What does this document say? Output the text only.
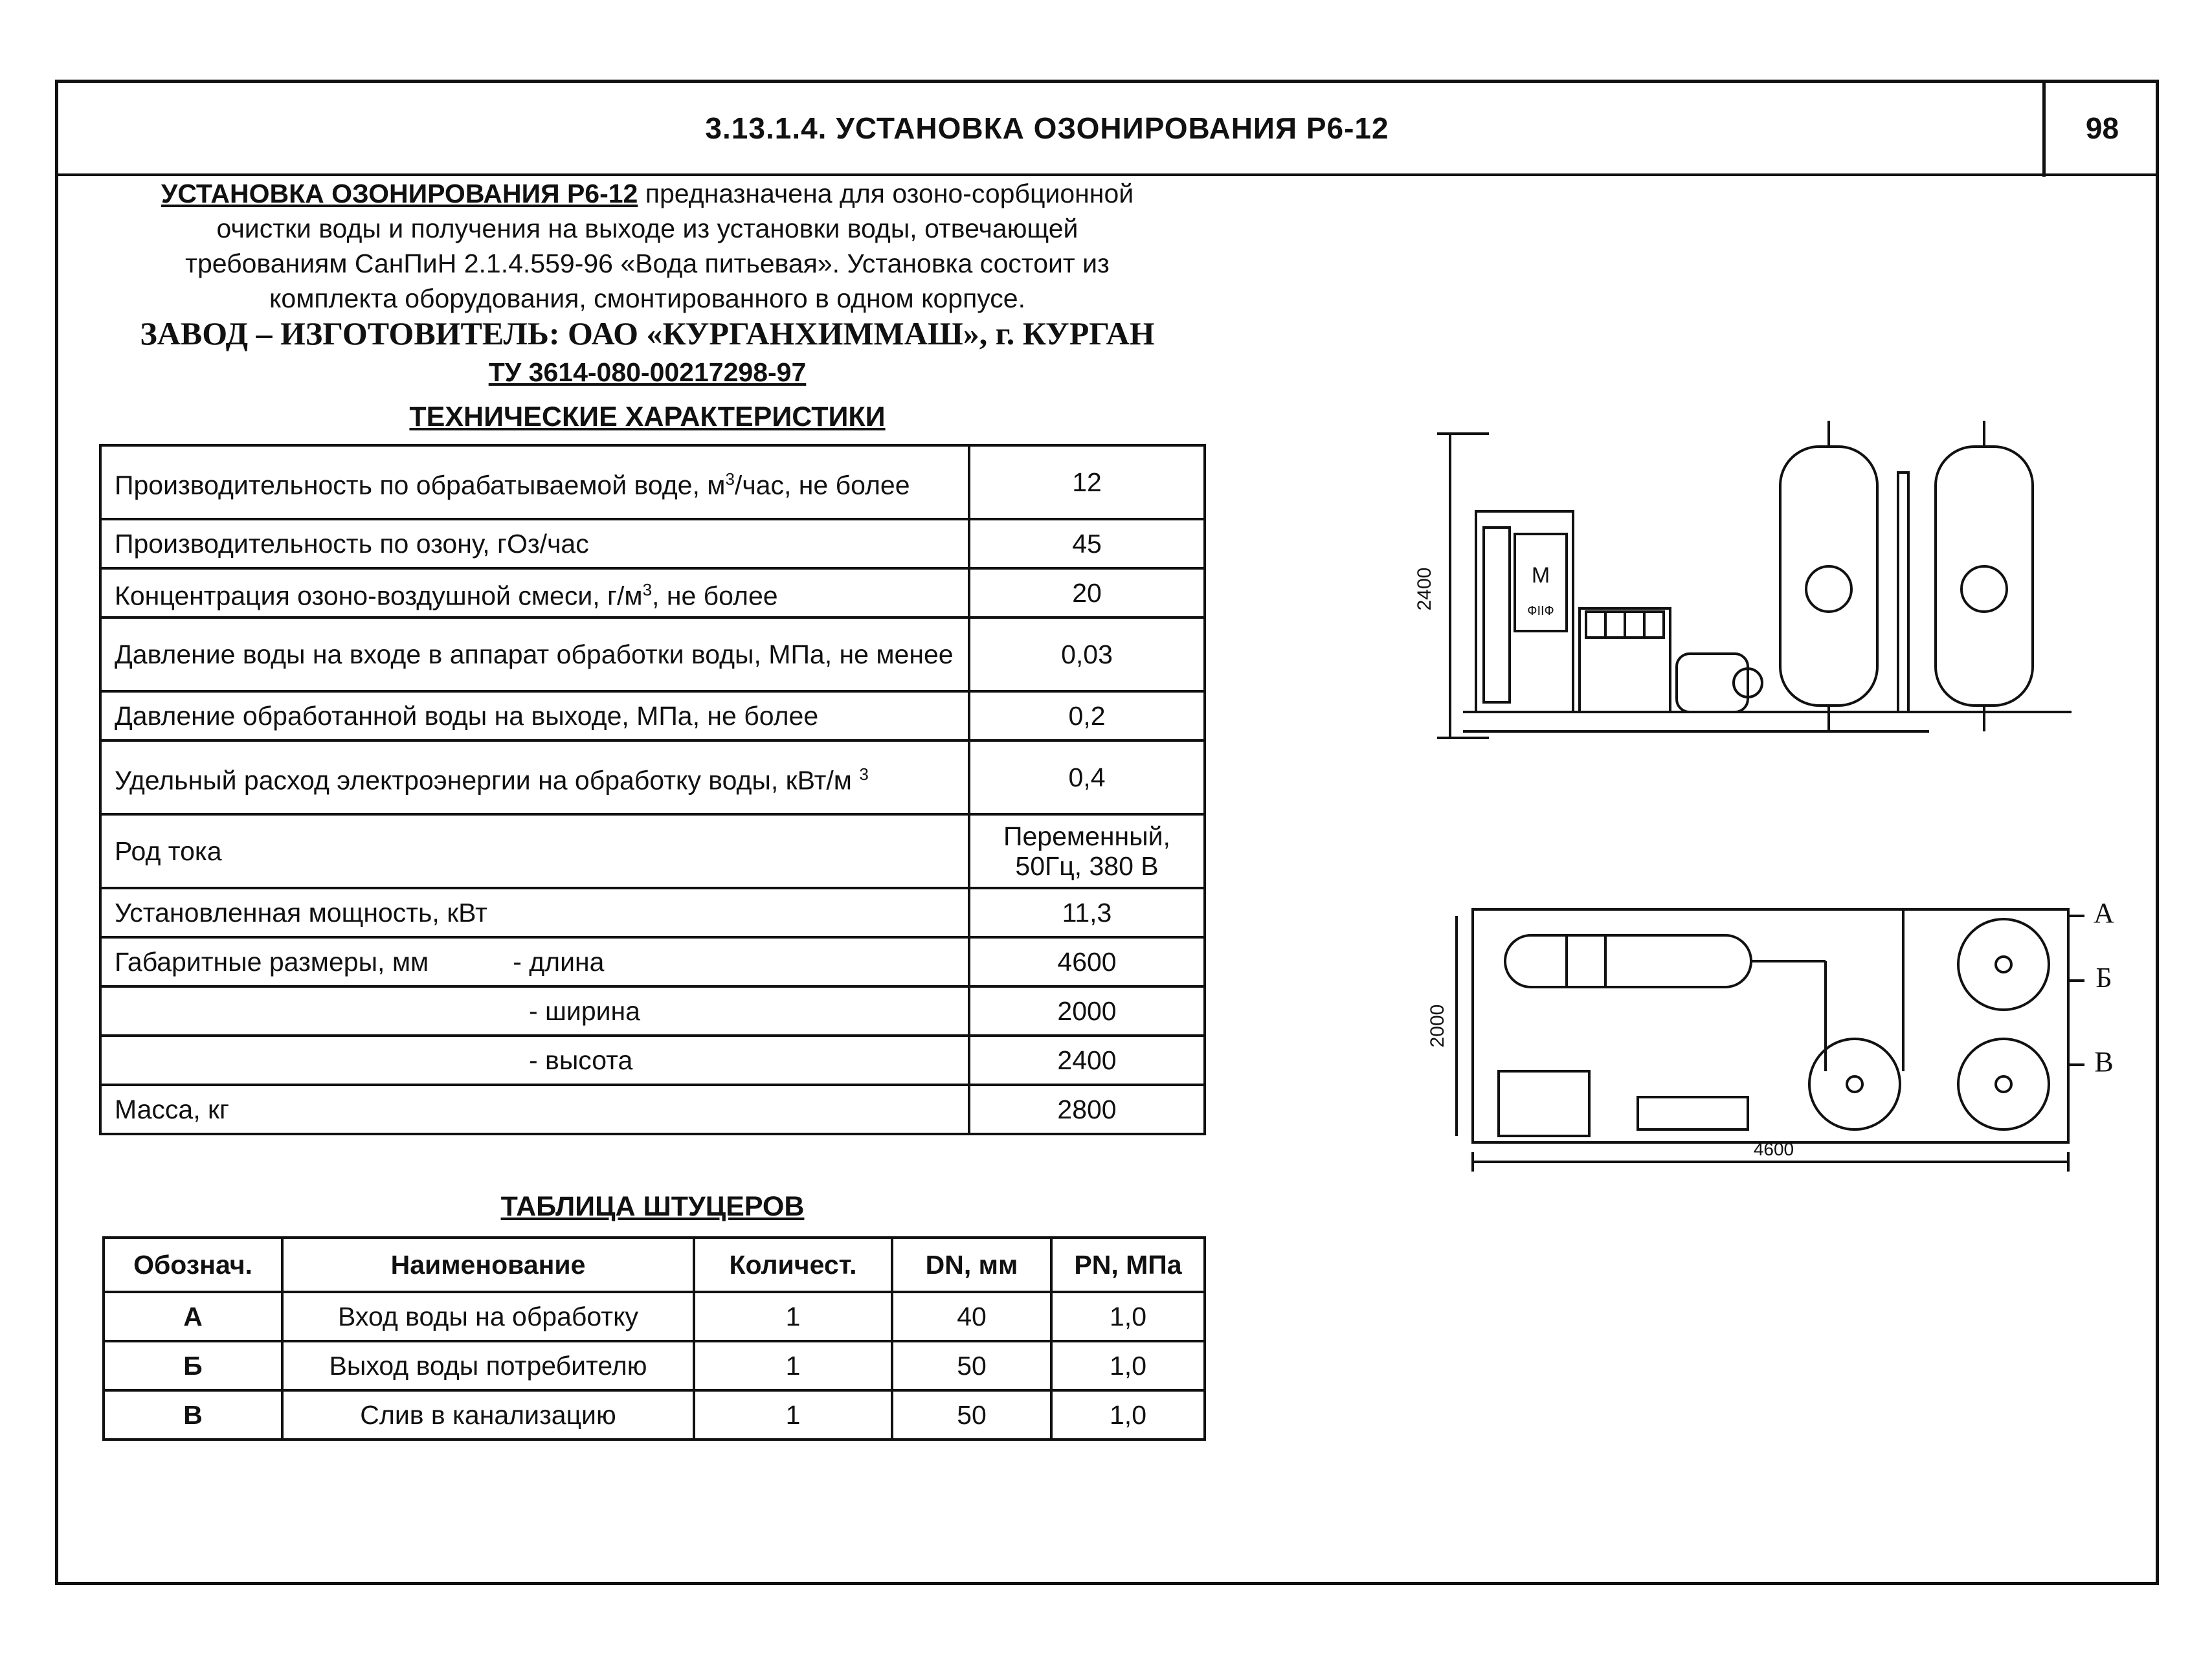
3.13.1.4. УСТАНОВКА ОЗОНИРОВАНИЯ Р6-12	98
УСТАНОВКА ОЗОНИРОВАНИЯ Р6-12 предназначена для озоно-сорбционной
очистки воды и получения на выходе из установки воды, отвечающей
требованиям СанПиН 2.1.4.559-96 «Вода питьевая». Установка состоит из
комплекта оборудования, смонтированного в одном корпусе.
ЗАВОД – ИЗГОТОВИТЕЛЬ: ОАО «КУРГАНХИММАШ», г. КУРГАН
ТУ 3614-080-00217298-97
ТЕХНИЧЕСКИЕ ХАРАКТЕРИСТИКИ
Производительность по обрабатываемой воде, $м^3$/час, не более	12
Производительность по озону, гОз/час	45
Концентрация озоно-воздушной смеси, $г/м^3$, не более	20
Давление воды на входе в аппарат обработки воды, МПа, не менее	0,03
Давление обработанной воды на выходе, МПа, не более	0,2
Удельный расход электроэнергии на обработку воды, кВт/м $^3$	0,4
Род тока	Переменный,
50Гц, 380 В
Установленная мощность, кВт	11,3
Габаритные размеры, мм - длина	4600
- ширина	2000
- высота	2400
Масса, кг	2800
ТАБЛИЦА ШТУЦЕРОВ
Обознач.	Наименование	Количест.	DN, мм	PN, МПа
А	Вход воды на обработку	1	40	1,0
Б	Выход воды потребителю	1	50	1,0
В	Слив в канализацию	1	50	1,0
2400	М
ФІІФ
2000
4600
А
Б
В
